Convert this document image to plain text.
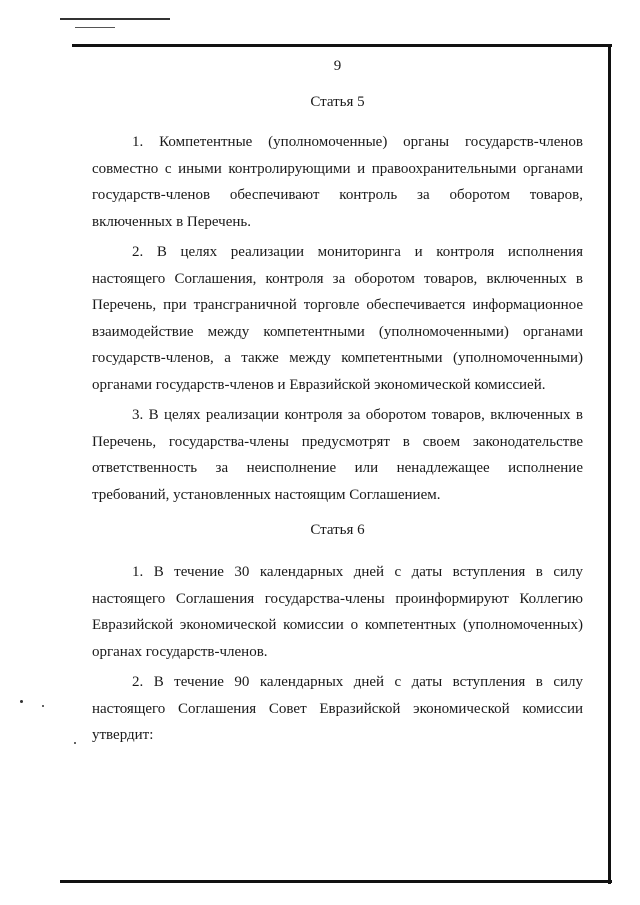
9

Статья 5

1. Компетентные (уполномоченные) органы государств-членов совместно с иными контролирующими и правоохранительными органами государств-членов обеспечивают контроль за оборотом товаров, включенных в Перечень.

2. В целях реализации мониторинга и контроля исполнения настоящего Соглашения, контроля за оборотом товаров, включенных в Перечень, при трансграничной торговле обеспечивается информационное взаимодействие между компетентными (уполномоченными) органами государств-членов, а также между компетентными (уполномоченными) органами государств-членов и Евразийской экономической комиссией.

3. В целях реализации контроля за оборотом товаров, включенных в Перечень, государства-члены предусмотрят в своем законодательстве ответственность за неисполнение или ненадлежащее исполнение требований, установленных настоящим Соглашением.

Статья 6

1. В течение 30 календарных дней с даты вступления в силу настоящего Соглашения государства-члены проинформируют Коллегию Евразийской экономической комиссии о компетентных (уполномоченных) органах государств-членов.

2. В течение 90 календарных дней с даты вступления в силу настоящего Соглашения Совет Евразийской экономической комиссии утвердит:
